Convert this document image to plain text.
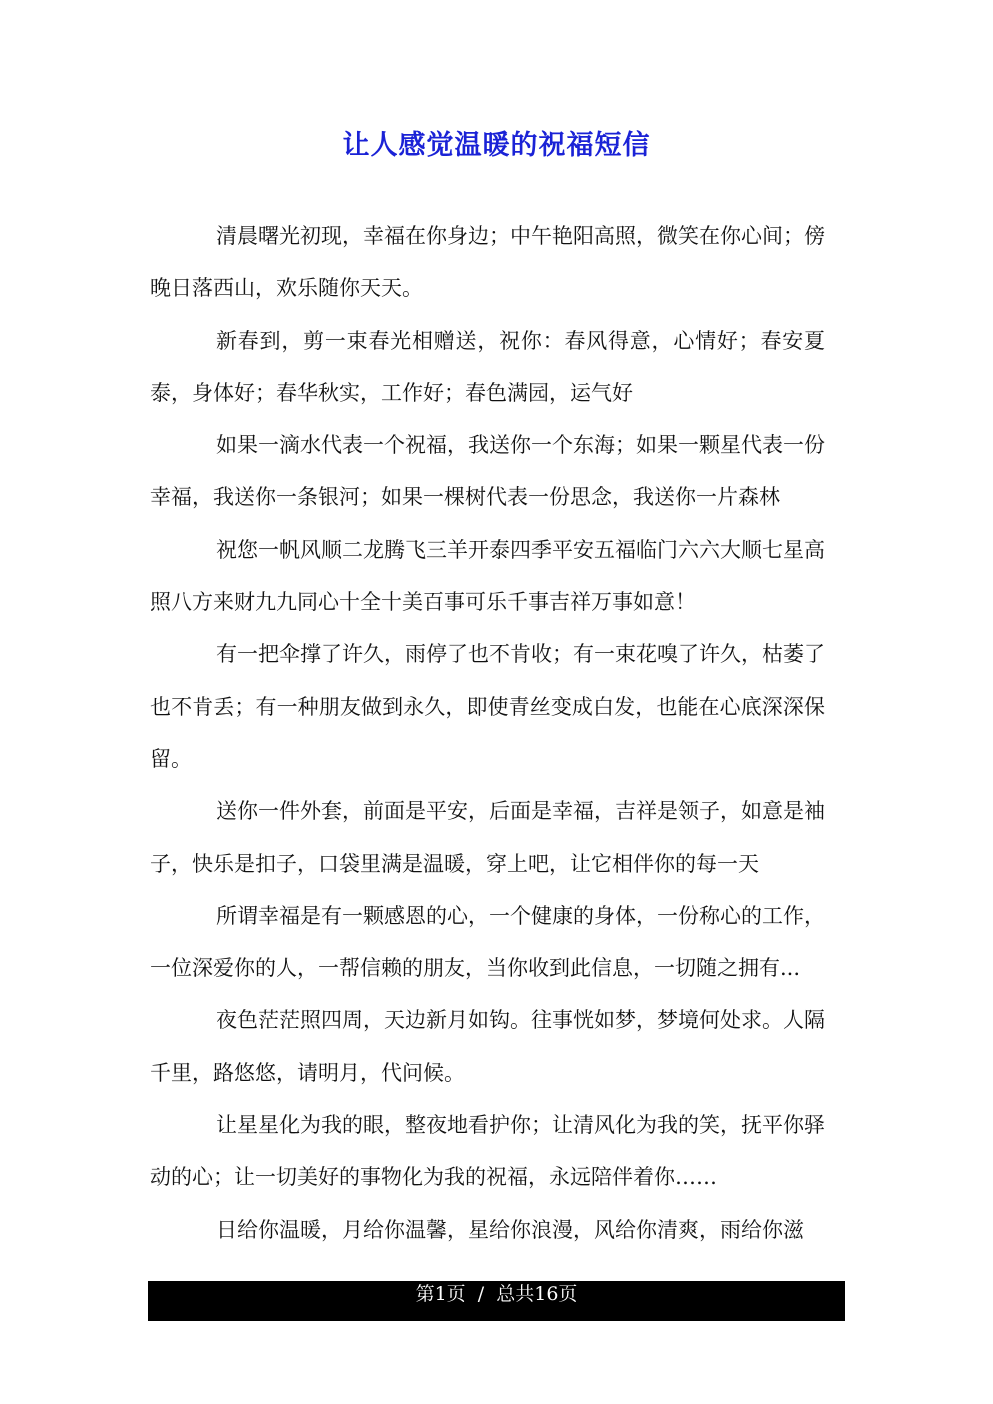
让人感觉温暖的祝福短信

清晨曙光初现，幸福在你身边；中午艳阳高照，微笑在你心间；傍晚日落西山，欢乐随你天天。

新春到，剪一束春光相赠送，祝你：春风得意，心情好；春安夏泰，身体好；春华秋实，工作好；春色满园，运气好

如果一滴水代表一个祝福，我送你一个东海；如果一颗星代表一份幸福，我送你一条银河；如果一棵树代表一份思念，我送你一片森林

祝您一帆风顺二龙腾飞三羊开泰四季平安五福临门六六大顺七星高照八方来财九九同心十全十美百事可乐千事吉祥万事如意！

有一把伞撑了许久，雨停了也不肯收；有一束花嗅了许久，枯萎了也不肯丢；有一种朋友做到永久，即使青丝变成白发，也能在心底深深保留。

送你一件外套，前面是平安，后面是幸福，吉祥是领子，如意是袖子，快乐是扣子，口袋里满是温暖，穿上吧，让它相伴你的每一天

所谓幸福是有一颗感恩的心，一个健康的身体，一份称心的工作，一位深爱你的人，一帮信赖的朋友，当你收到此信息，一切随之拥有...

夜色茫茫照四周，天边新月如钩。往事恍如梦，梦境何处求。人隔千里，路悠悠，请明月，代问候。

让星星化为我的眼，整夜地看护你；让清风化为我的笑，抚平你驿动的心；让一切美好的事物化为我的祝福，永远陪伴着你……

日给你温暖，月给你温馨，星给你浪漫，风给你清爽，雨给你滋

第1页  /  总共16页
